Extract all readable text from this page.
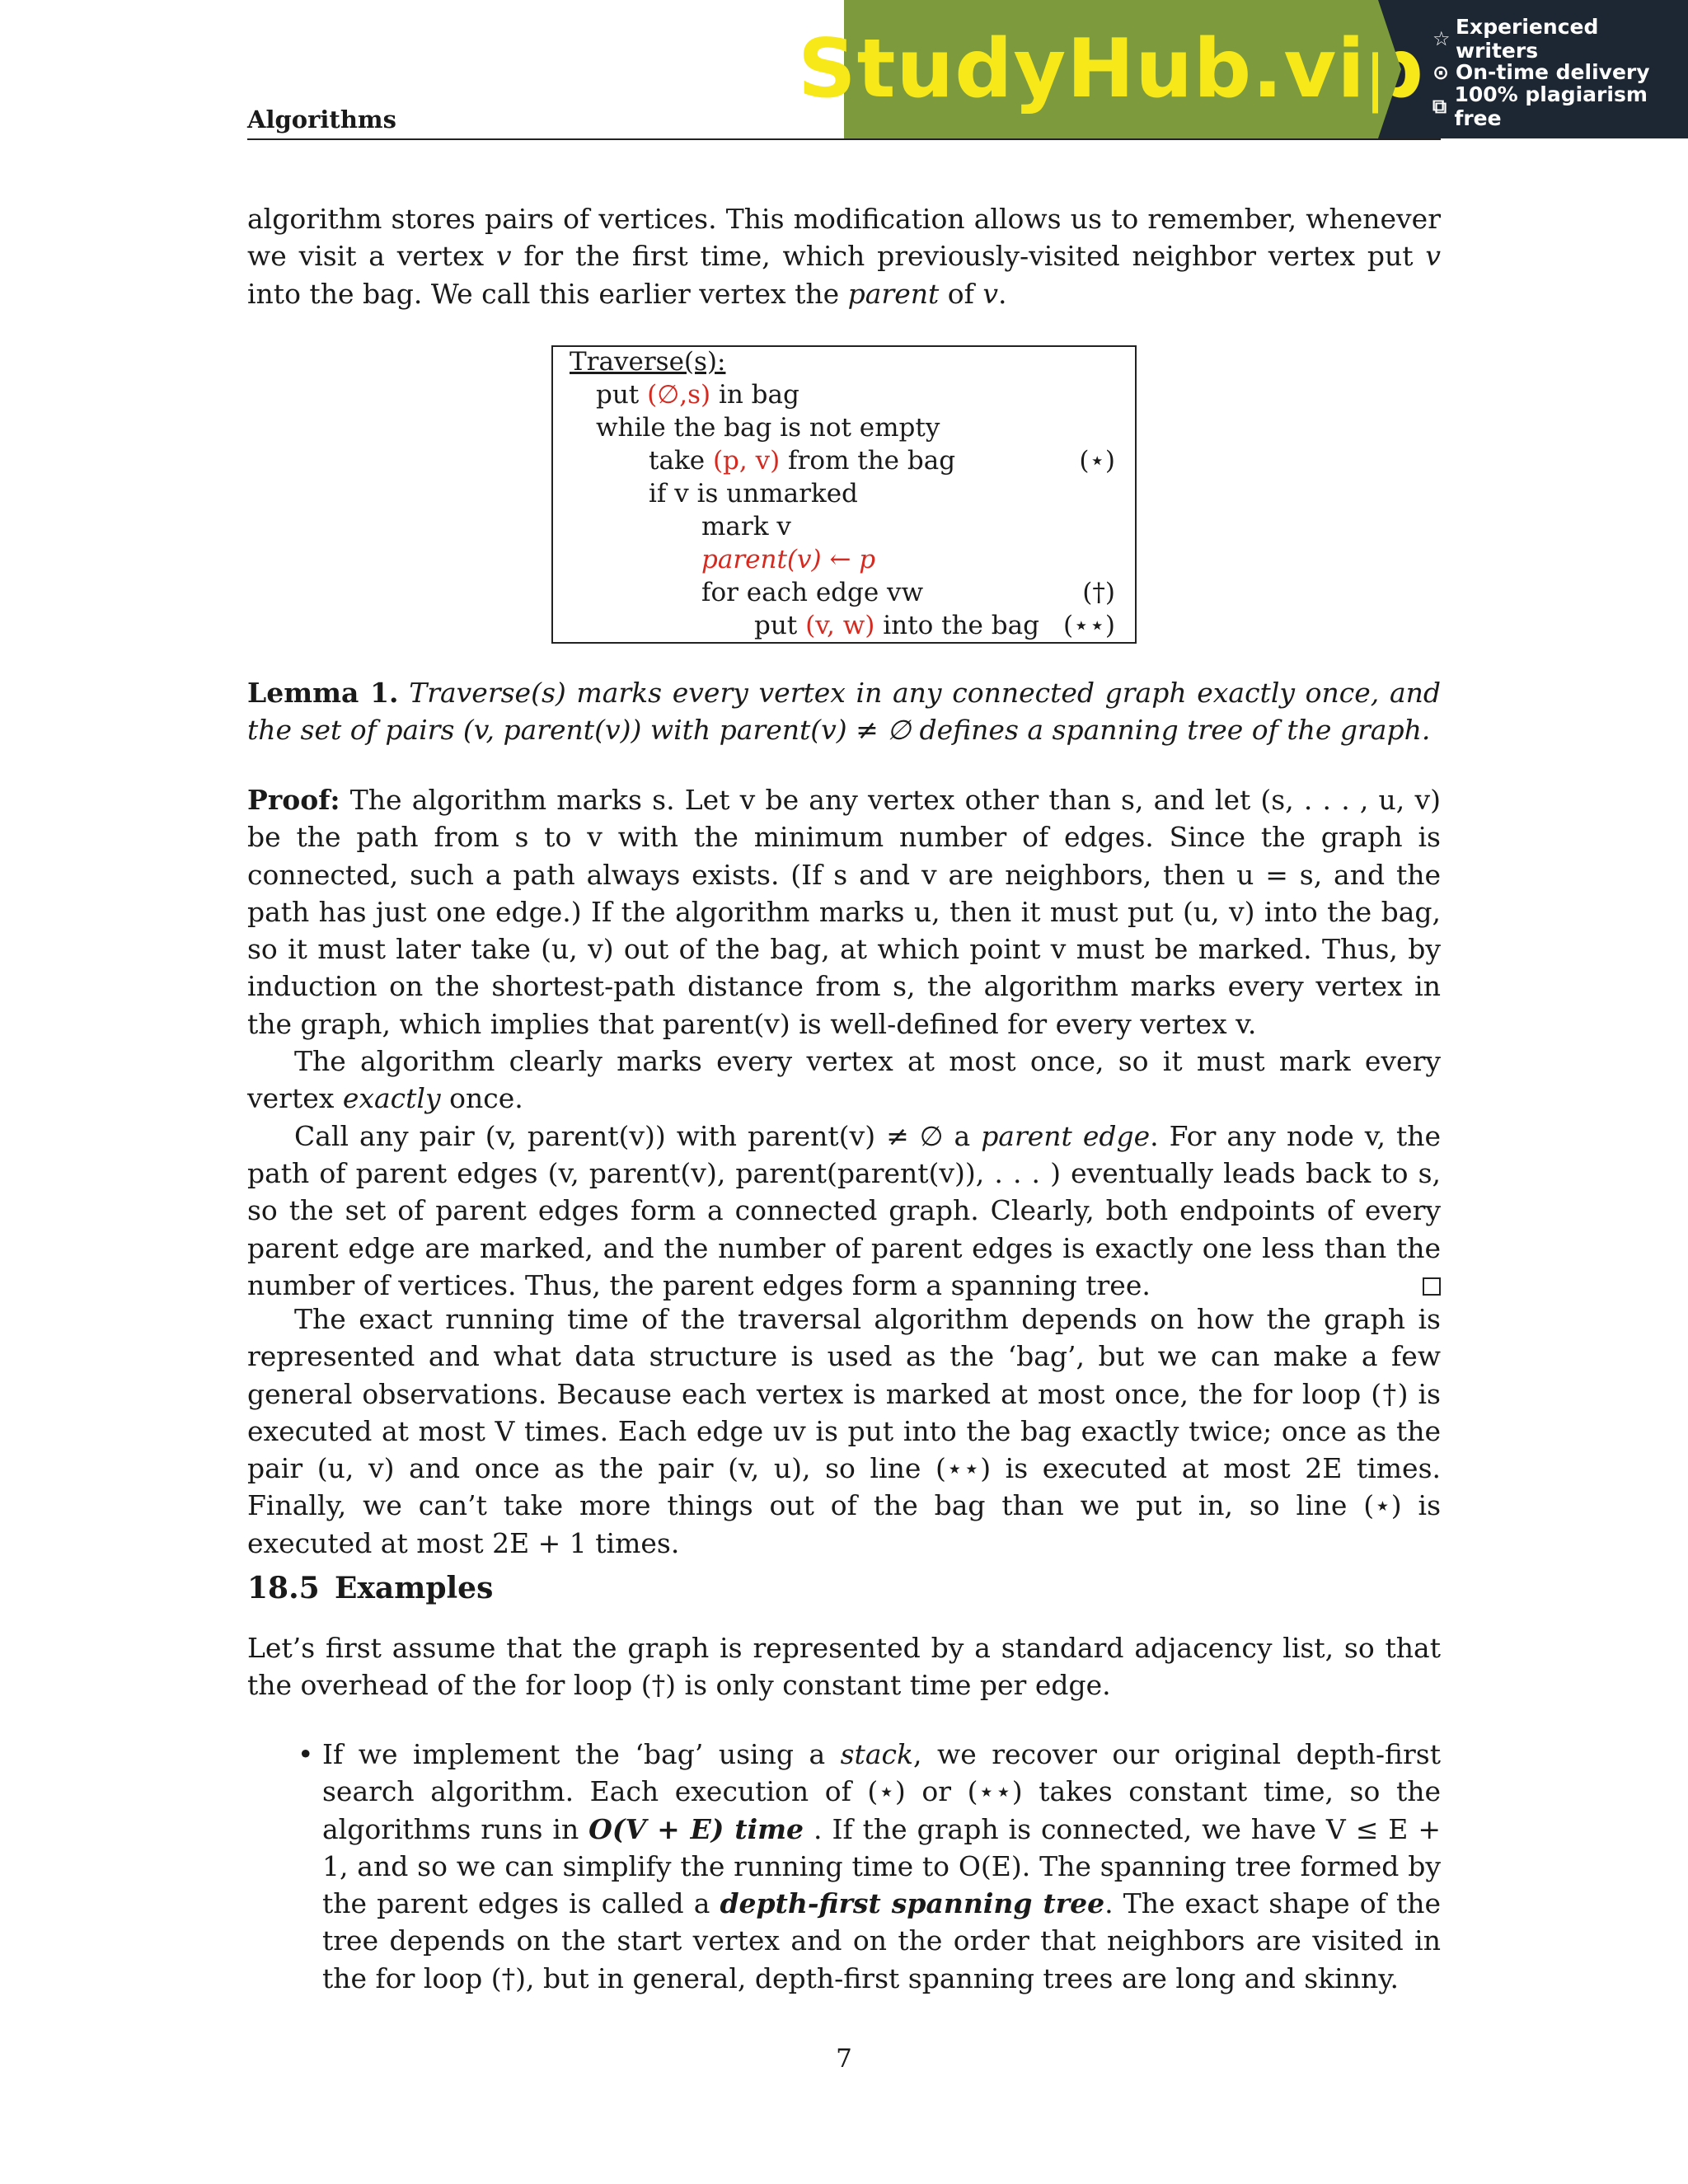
Algorithms
StudyHub.vip ☆ Experienced writers
⊙ On-time delivery
⧉ 100% plagiarism free

algorithm stores pairs of vertices. This modification allows us to remember, whenever we visit a vertex v for the first time, which previously-visited neighbor vertex put v into the bag. We call this earlier vertex the parent of v.

Traverse(s):
put (∅,s) in bag
while the bag is not empty
take (p, v) from the bag	(⋆)
if v is unmarked
mark v
parent(v) ← p
for each edge vw	(†)
put (v, w) into the bag (⋆⋆)
Lemma 1. Traverse(s) marks every vertex in any connected graph exactly once, and the set of pairs (v, parent(v)) with parent(v) ≠ ∅ defines a spanning tree of the graph.

Proof: The algorithm marks s. Let v be any vertex other than s, and let (s, . . . , u, v) be the path from s to v with the minimum number of edges. Since the graph is connected, such a path always exists. (If s and v are neighbors, then u = s, and the path has just one edge.) If the algorithm marks u, then it must put (u, v) into the bag, so it must later take (u, v) out of the bag, at which point v must be marked. Thus, by induction on the shortest-path distance from s, the algorithm marks every vertex in the graph, which implies that parent(v) is well-defined for every vertex v.

The algorithm clearly marks every vertex at most once, so it must mark every vertex exactly once.

Call any pair (v, parent(v)) with parent(v) ≠ ∅ a parent edge. For any node v, the path of parent edges (v, parent(v), parent(parent(v)), . . . ) eventually leads back to s, so the set of parent edges form a connected graph. Clearly, both endpoints of every parent edge are marked, and the number of parent edges is exactly one less than the number of vertices. Thus, the parent edges form a spanning tree.

The exact running time of the traversal algorithm depends on how the graph is represented and what data structure is used as the ‘bag’, but we can make a few general observations. Because each vertex is marked at most once, the for loop (†) is executed at most V times. Each edge uv is put into the bag exactly twice; once as the pair (u, v) and once as the pair (v, u), so line (⋆⋆) is executed at most 2E times. Finally, we can’t take more things out of the bag than we put in, so line (⋆) is executed at most 2E + 1 times.
18.5 Examples
Let’s first assume that the graph is represented by a standard adjacency list, so that the overhead of the for loop (†) is only constant time per edge.
• If we implement the ‘bag’ using a stack, we recover our original depth-first search algorithm. Each execution of (⋆) or (⋆⋆) takes constant time, so the algorithms runs in O(V + E) time . If the graph is connected, we have V ≤ E + 1, and so we can simplify the running time to O(E). The spanning tree formed by the parent edges is called a depth-first spanning tree. The exact shape of the tree depends on the start vertex and on the order that neighbors are visited in the for loop (†), but in general, depth-first spanning trees are long and skinny.
7
